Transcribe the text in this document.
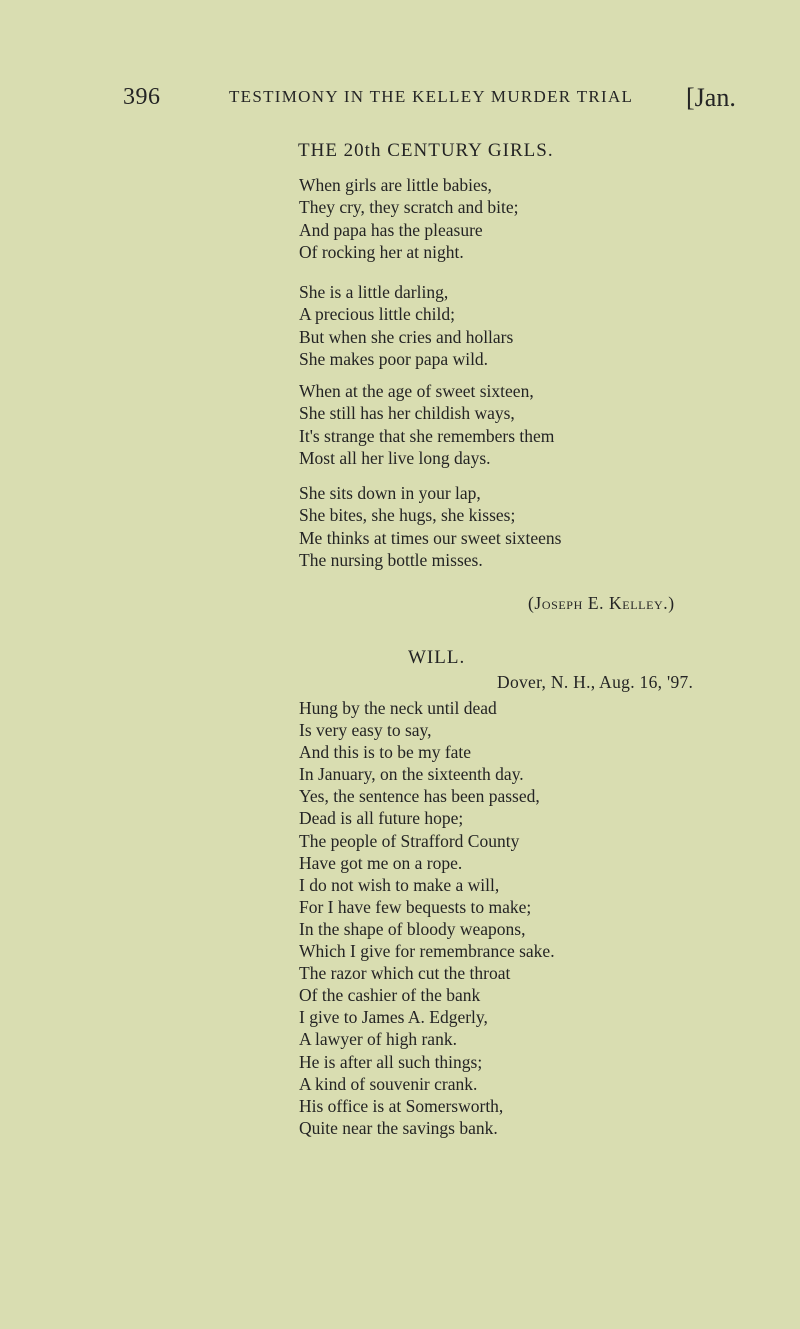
396	TESTIMONY IN THE KELLEY MURDER TRIAL [Jan.
THE 20th CENTURY GIRLS.
When girls are little babies,
They cry, they scratch and bite;
And papa has the pleasure
Of rocking her at night.
She is a little darling,
A precious little child;
But when she cries and hollars
She makes poor papa wild.
When at the age of sweet sixteen,
She still has her childish ways,
It's strange that she remembers them
Most all her live long days.
She sits down in your lap,
She bites, she hugs, she kisses;
Me thinks at times our sweet sixteens
The nursing bottle misses.
(Joseph E. Kelley.)
WILL.
Dover, N. H., Aug. 16, '97.
Hung by the neck until dead
Is very easy to say,
And this is to be my fate
In January, on the sixteenth day.
Yes, the sentence has been passed,
Dead is all future hope;
The people of Strafford County
Have got me on a rope.
I do not wish to make a will,
For I have few bequests to make;
In the shape of bloody weapons,
Which I give for remembrance sake.
The razor which cut the throat
Of the cashier of the bank
I give to James A. Edgerly,
A lawyer of high rank.
He is after all such things;
A kind of souvenir crank.
His office is at Somersworth,
Quite near the savings bank.
